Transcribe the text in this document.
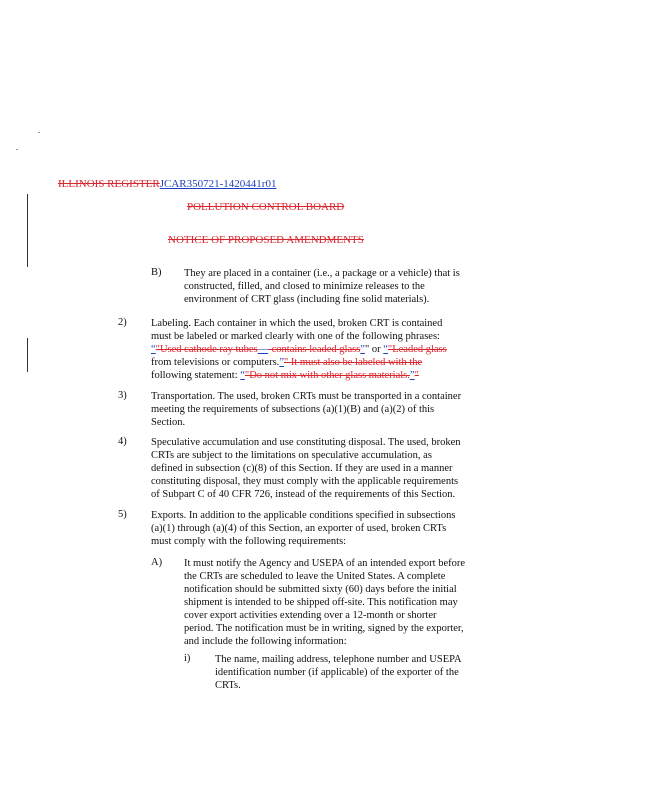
ILLINOIS REGISTERJCAR350721-1420441r01
POLLUTION CONTROL BOARD
NOTICE OF PROPOSED AMENDMENTS
B) They are placed in a container (i.e., a package or a vehicle) that is
constructed, filled, and closed to minimize releases to the
environment of CRT glass (including fine solid materials).
2) Labeling. Each container in which the used, broken CRT is contained
must be labeled or marked clearly with one of the following phrases:
“"Used cathode ray tubes—-contains leaded glass”" or “"Leaded glass
from televisions or computers.”" It must also be labeled with the
following statement: “"Do not mix with other glass materials.”"
3) Transportation. The used, broken CRTs must be transported in a container
meeting the requirements of subsections (a)(1)(B) and (a)(2) of this
Section.
4) Speculative accumulation and use constituting disposal. The used, broken
CRTs are subject to the limitations on speculative accumulation, as
defined in subsection (c)(8) of this Section. If they are used in a manner
constituting disposal, they must comply with the applicable requirements
of Subpart C of 40 CFR 726, instead of the requirements of this Section.
5) Exports. In addition to the applicable conditions specified in subsections
(a)(1) through (a)(4) of this Section, an exporter of used, broken CRTs
must comply with the following requirements:
A) It must notify the Agency and USEPA of an intended export before
the CRTs are scheduled to leave the United States. A complete
notification should be submitted sixty (60) days before the initial
shipment is intended to be shipped off-site. This notification may
cover export activities extending over a 12-month or shorter
period. The notification must be in writing, signed by the exporter,
and include the following information:
i) The name, mailing address, telephone number and USEPA
identification number (if applicable) of the exporter of the
CRTs.
